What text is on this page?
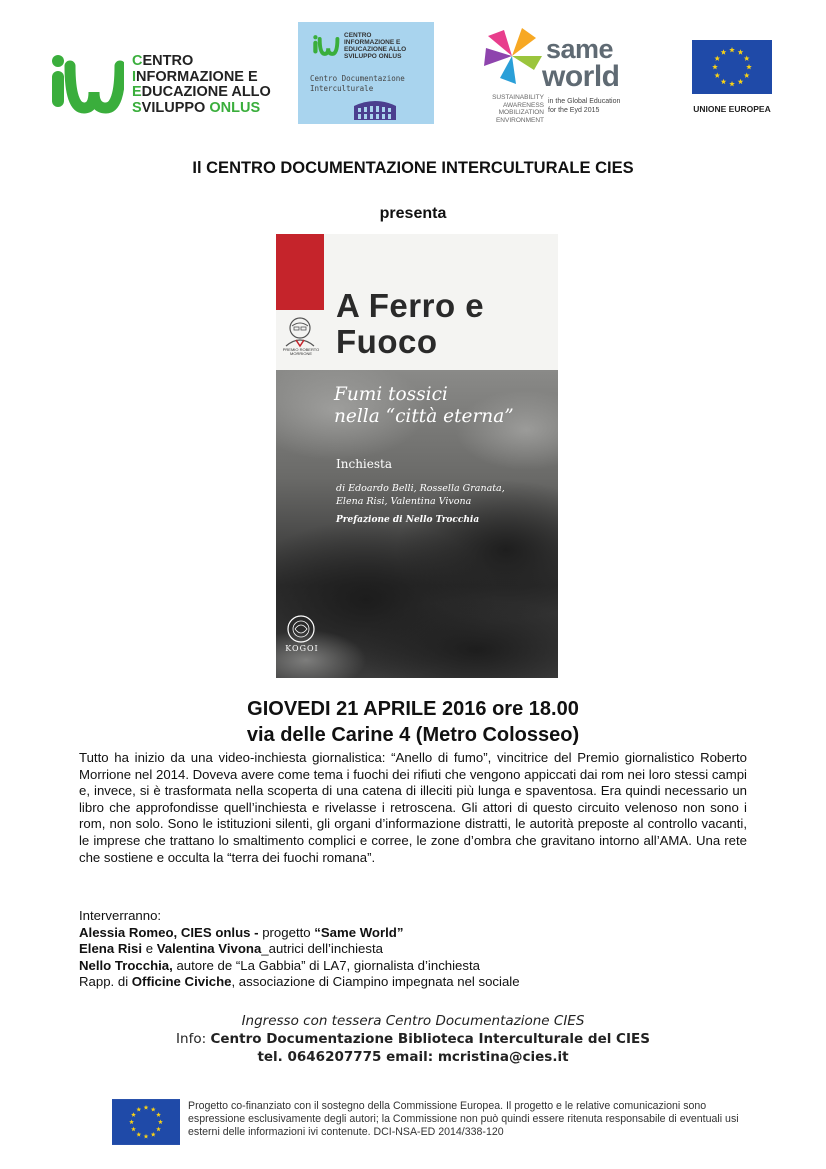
CENTRO
INFORMAZIONE E
EDUCAZIONE ALLO
SVILUPPO ONLUS
CENTRO
INFORMAZIONE E
EDUCAZIONE ALLO
SVILUPPO ONLUS
Centro Documentazione Interculturale
same
world
SUSTAINABILITY
AWARENESS
MOBILIZATION
ENVIRONMENT
in the Global Education
for the Eyd 2015	UNIONE EUROPEA
Il CENTRO DOCUMENTAZIONE INTERCULTURALE CIES
presenta
PREMIO ROBERTO MORRIONE
A Ferro e
Fuoco
Fumi tossici
nella “città eterna”
Inchiesta
di Edoardo Belli, Rossella Granata,
Elena Risi, Valentina Vivona
Prefazione di Nello Trocchia
KOGOI
GIOVEDI 21 APRILE 2016 ore 18.00
via delle Carine 4 (Metro Colosseo)
Tutto ha inizio da una video-inchiesta giornalistica: “Anello di fumo”, vincitrice del Premio giornalistico Roberto Morrione nel 2014. Doveva avere come tema i fuochi dei rifiuti che vengono appiccati dai rom nei loro stessi campi e, invece, si è trasformata nella scoperta di una catena di illeciti più lunga e spaventosa. Era quindi necessario un libro che approfondisse quell’inchiesta e rivelasse i retroscena. Gli attori di questo circuito velenoso non sono i rom, non solo. Sono le istituzioni silenti, gli organi d’informazione distratti, le autorità preposte al controllo vacanti, le imprese che trattano lo smaltimento complici e corree, le zone d’ombra che gravitano intorno all’AMA. Una rete che sostiene e occulta la “terra dei fuochi romana”.

Interverranno:

Alessia Romeo, CIES onlus - progetto “Same World”

Elena Risi e Valentina Vivona_autrici dell’inchiesta

Nello Trocchia, autore de “La Gabbia” di LA7, giornalista d’inchiesta

Rapp. di Officine Civiche, associazione di Ciampino impegnata nel sociale

Ingresso con tessera Centro Documentazione CIES

Info: Centro Documentazione Biblioteca Interculturale del CIES

tel. 0646207775 email: mcristina@cies.it

Progetto co-finanziato con il sostegno della Commissione Europea. Il progetto e le relative comunicazioni sono espressione esclusivamente degli autori; la Commissione non può quindi essere ritenuta responsabile di eventuali usi esterni delle informazioni ivi contenute. DCI-NSA-ED 2014/338-120
